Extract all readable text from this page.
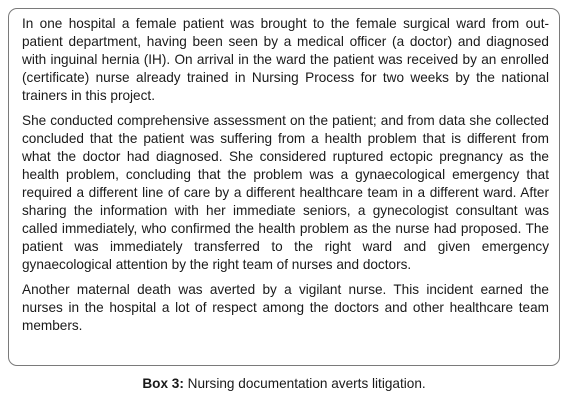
In one hospital a female patient was brought to the female surgical ward from out-patient department, having been seen by a medical officer (a doctor) and diagnosed with inguinal hernia (IH). On arrival in the ward the patient was received by an enrolled (certificate) nurse already trained in Nursing Process for two weeks by the national trainers in this project.

She conducted comprehensive assessment on the patient; and from data she collected concluded that the patient was suffering from a health problem that is different from what the doctor had diagnosed. She considered ruptured ectopic pregnancy as the health problem, concluding that the problem was a gynaecological emergency that required a different line of care by a different healthcare team in a different ward. After sharing the information with her immediate seniors, a gynecologist consultant was called immediately, who confirmed the health problem as the nurse had proposed. The patient was immediately transferred to the right ward and given emergency gynaecological attention by the right team of nurses and doctors.

Another maternal death was averted by a vigilant nurse. This incident earned the nurses in the hospital a lot of respect among the doctors and other healthcare team members.

Box 3: Nursing documentation averts litigation.
